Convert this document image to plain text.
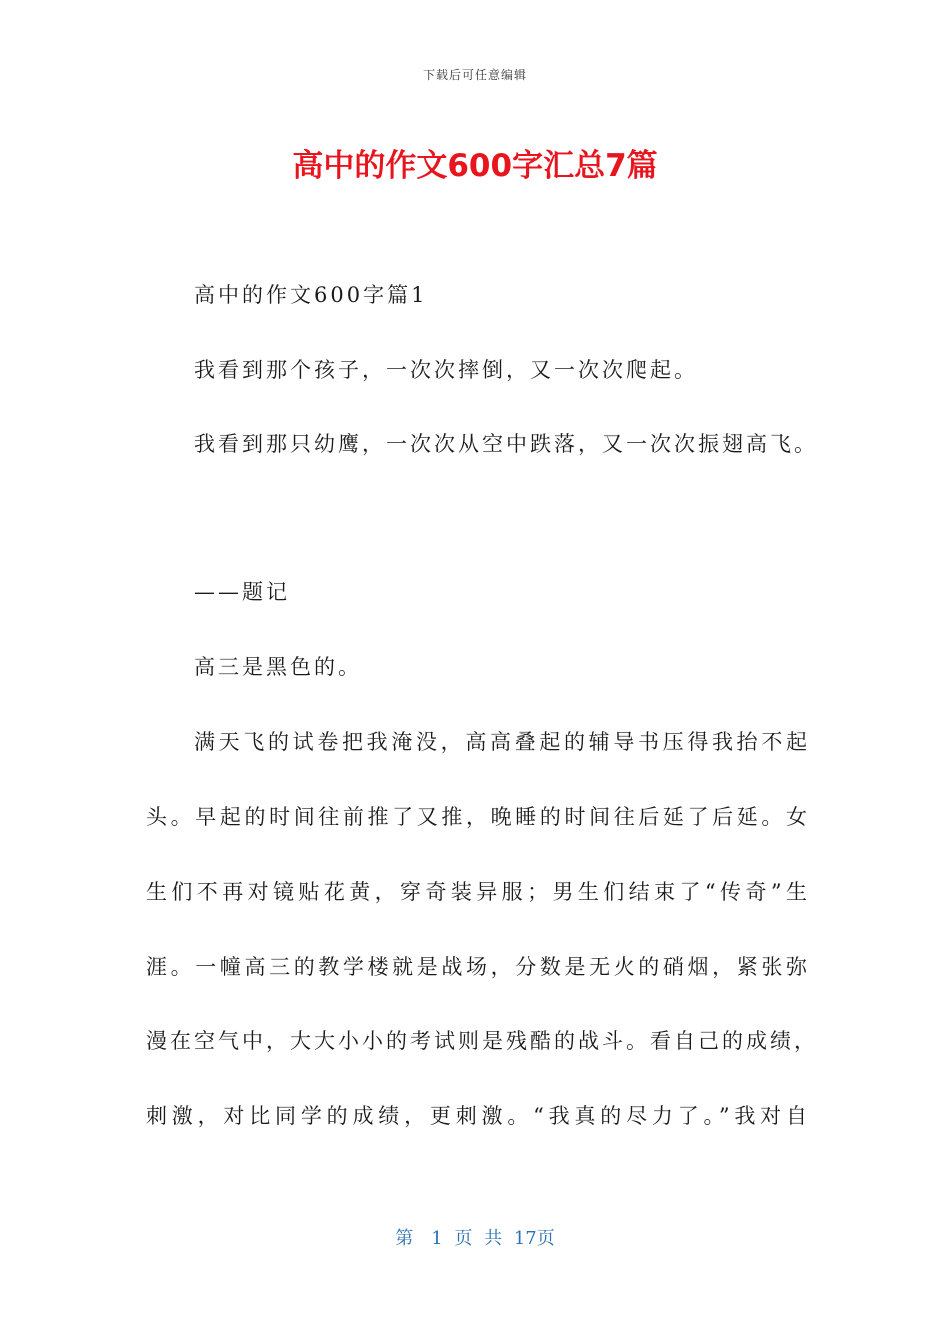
下载后可任意编辑
高中的作文600字汇总7篇
高中的作文600字篇1
我看到那个孩子，一次次摔倒，又一次次爬起。
我看到那只幼鹰，一次次从空中跌落，又一次次振翅高飞。
——题记
高三是黑色的。
满天飞的试卷把我淹没，高高叠起的辅导书压得我抬不起
头。早起的时间往前推了又推，晚睡的时间往后延了后延。女
生们不再对镜贴花黄，穿奇装异服；男生们结束了“传奇”生
涯。一幢高三的教学楼就是战场，分数是无火的硝烟，紧张弥
漫在空气中，大大小小的考试则是残酷的战斗。看自己的成绩，
刺激，对比同学的成绩，更刺激。“我真的尽力了。”我对自
第　1 页 共 17页
